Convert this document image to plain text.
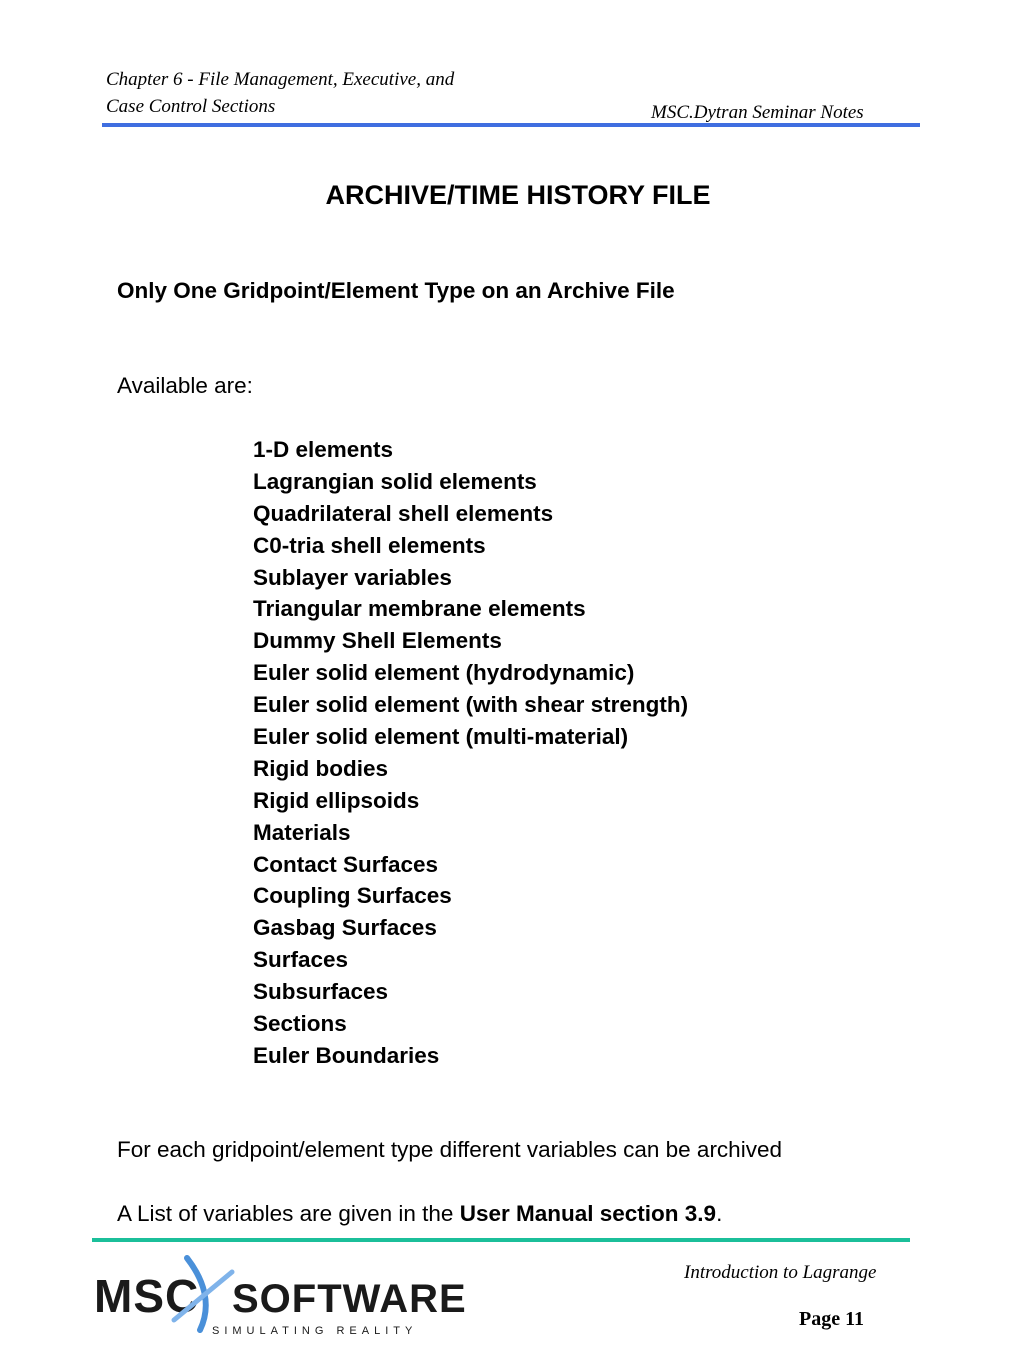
Chapter 6 - File Management, Executive, and
Case Control Sections	MSC.Dytran Seminar Notes
ARCHIVE/TIME HISTORY FILE
Only One Gridpoint/Element Type on an Archive File
Available are:
1-D elements
Lagrangian solid elements
Quadrilateral shell elements
C0-tria shell elements
Sublayer variables
Triangular membrane elements
Dummy Shell Elements
Euler solid element (hydrodynamic)
Euler solid element (with shear strength)
Euler solid element (multi-material)
Rigid bodies
Rigid ellipsoids
Materials
Contact Surfaces
Coupling Surfaces
Gasbag Surfaces
Surfaces
Subsurfaces
Sections
Euler Boundaries
For each gridpoint/element type different variables can be archived
A List of variables are given in the User Manual section 3.9.
MSC SOFTWARE
SIMULATING REALITY
Introduction to Lagrange
Page 11
